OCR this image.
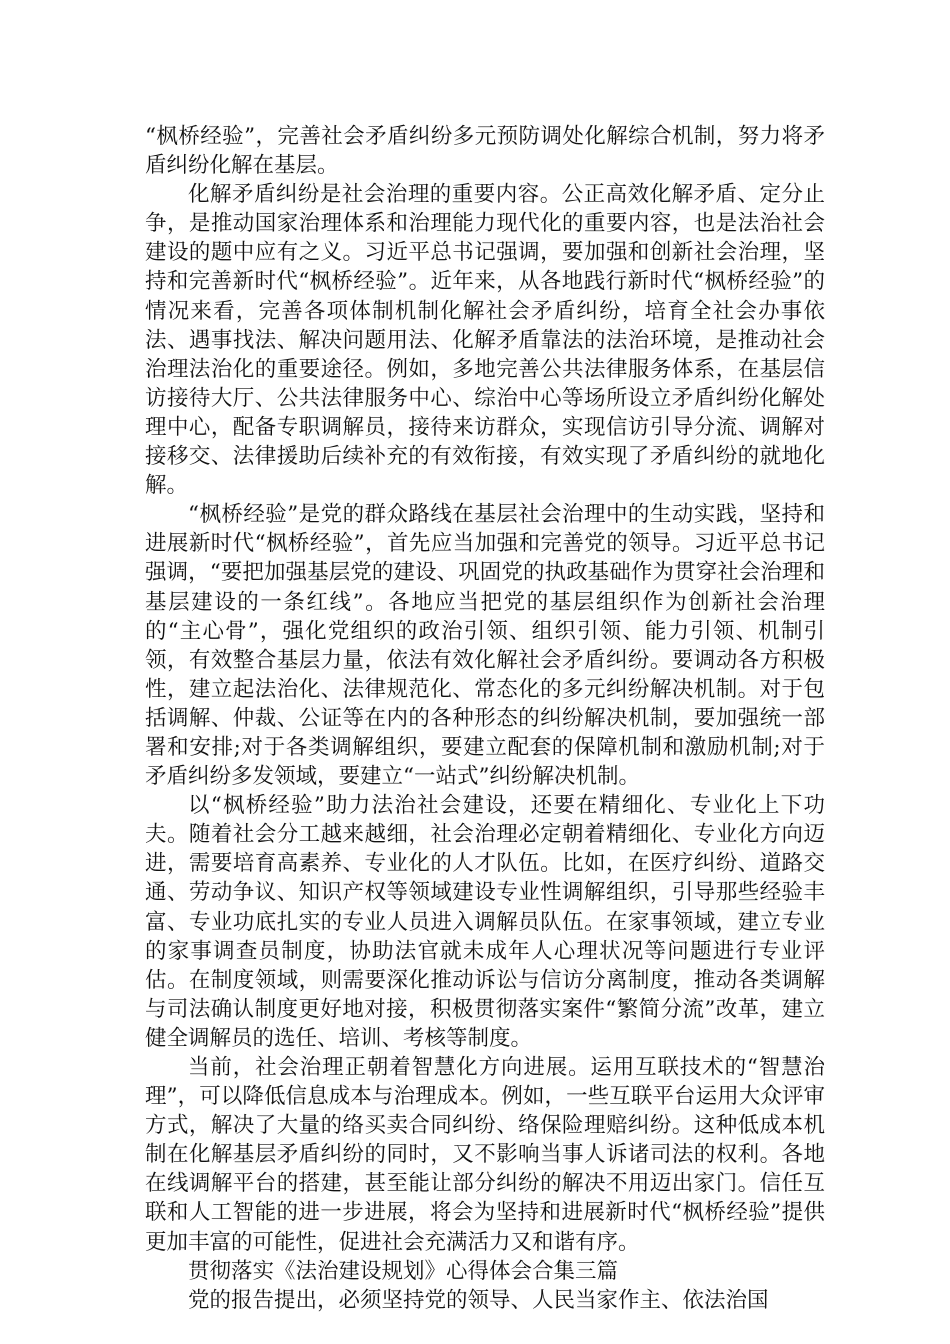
“枫桥经验”，完善社会矛盾纠纷多元预防调处化解综合机制，努力将矛盾纠纷化解在基层。

化解矛盾纠纷是社会治理的重要内容。公正高效化解矛盾、定分止争，是推动国家治理体系和治理能力现代化的重要内容，也是法治社会建设的题中应有之义。习近平总书记强调，要加强和创新社会治理，坚持和完善新时代“枫桥经验”。近年来，从各地践行新时代“枫桥经验”的情况来看，完善各项体制机制化解社会矛盾纠纷，培育全社会办事依法、遇事找法、解决问题用法、化解矛盾靠法的法治环境，是推动社会治理法治化的重要途径。例如，多地完善公共法律服务体系，在基层信访接待大厅、公共法律服务中心、综治中心等场所设立矛盾纠纷化解处理中心，配备专职调解员，接待来访群众，实现信访引导分流、调解对接移交、法律援助后续补充的有效衔接，有效实现了矛盾纠纷的就地化解。

“枫桥经验”是党的群众路线在基层社会治理中的生动实践，坚持和进展新时代“枫桥经验”，首先应当加强和完善党的领导。习近平总书记强调，“要把加强基层党的建设、巩固党的执政基础作为贯穿社会治理和基层建设的一条红线”。各地应当把党的基层组织作为创新社会治理的“主心骨”，强化党组织的政治引领、组织引领、能力引领、机制引领，有效整合基层力量，依法有效化解社会矛盾纠纷。要调动各方积极性，建立起法治化、法律规范化、常态化的多元纠纷解决机制。对于包括调解、仲裁、公证等在内的各种形态的纠纷解决机制，要加强统一部署和安排;对于各类调解组织，要建立配套的保障机制和激励机制;对于矛盾纠纷多发领域，要建立“一站式”纠纷解决机制。

以“枫桥经验”助力法治社会建设，还要在精细化、专业化上下功夫。随着社会分工越来越细，社会治理必定朝着精细化、专业化方向迈进，需要培育高素养、专业化的人才队伍。比如，在医疗纠纷、道路交通、劳动争议、知识产权等领域建设专业性调解组织，引导那些经验丰富、专业功底扎实的专业人员进入调解员队伍。在家事领域，建立专业的家事调查员制度，协助法官就未成年人心理状况等问题进行专业评估。在制度领域，则需要深化推动诉讼与信访分离制度，推动各类调解与司法确认制度更好地对接，积极贯彻落实案件“繁简分流”改革，建立健全调解员的选任、培训、考核等制度。

当前，社会治理正朝着智慧化方向进展。运用互联技术的“智慧治理”，可以降低信息成本与治理成本。例如，一些互联平台运用大众评审方式，解决了大量的络买卖合同纠纷、络保险理赔纠纷。这种低成本机制在化解基层矛盾纠纷的同时，又不影响当事人诉诸司法的权利。各地在线调解平台的搭建，甚至能让部分纠纷的解决不用迈出家门。信任互联和人工智能的进一步进展，将会为坚持和进展新时代“枫桥经验”提供更加丰富的可能性，促进社会充满活力又和谐有序。

贯彻落实《法治建设规划》心得体会合集三篇

党的报告提出，必须坚持党的领导、人民当家作主、依法治国
